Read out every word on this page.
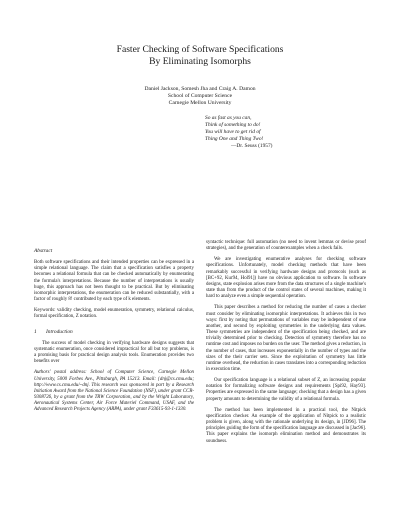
Faster Checking of Software Specifications
By Eliminating Isomorphs
Daniel Jackson, Somesh Jha and Craig A. Damon
School of Computer Science
Carnegie Mellon University
So as fast as you can,
Think of something to do!
You will have to get rid of
Thing One and Thing Two!
—Dr. Seuss (1957)
Abstract

Both software specifications and their intended properties can be expressed in a simple relational language. The claim that a specification satisfies a property becomes a relational formula that can be checked automatically by enumerating the formula's interpretations. Because the number of interpretations is usually huge, this approach has not been thought to be practical. But by eliminating isomorphic interpretations, the enumeration can be reduced substantially, with a factor of roughly 8! contributed by each type of k elements.

Keywords: validity checking, model enumeration, symmetry, relational calculus, formal specification, Z notation.

1 Introduction

The success of model checking in verifying hardware designs suggests that systematic enumeration, once considered impractical for all but toy problems, is a promising basis for practical design analysis tools. Enumeration provides two benefits over

Authors' postal address: School of Computer Science, Carnegie Mellon University, 5000 Forbes Ave., Pittsburgh, PA 15213. Email: {dnj@cs.cmu.edu; http://www.cs.cmu.edu/~dnj. This research was sponsored in part by a Research Initiation Award from the National Science Foundation (NSF), under grant CCR-9308726, by a grant from the TRW Corporation, and by the Wright Laboratory, Aeronautical Systems Center, Air Force Materiel Command, USAF, and the Advanced Research Projects Agency (ARPA), under grant F33615-93-1-1330.

syntactic technique: full automation (no need to invent lemmas or devise proof strategies), and the generation of counterexamples when a check fails.

We are investigating enumerative analyses for checking software specifications. Unfortunately, model checking methods that have been remarkably successful in verifying hardware designs and protocols (such as [BC+92, Kur94, Hol91]) have no obvious application to software. In software designs, state explosion arises more from the data structures of a single machine's state than from the product of the control states of several machines, making it hard to analyze even a simple sequential operation.

This paper describes a method for reducing the number of cases a checker must consider by eliminating isomorphic interpretations. It achieves this in two ways: first by noting that permutations of variables may be independent of one another, and second by exploiting symmetries in the underlying data values. These symmetries are independent of the specification being checked, and are trivially determined prior to checking. Detection of symmetry therefore has no runtime cost and imposes no burden on the user. The method gives a reduction, in the number of cases, that increases exponentially in the number of types and the sizes of the their carrier sets. Since the exploitation of symmetry has little runtime overhead, the reduction in cases translates into a corresponding reduction in execution time.

Our specification language is a relational subset of Z, an increasing popular notation for formalizing software designs and requirements [Spi92, Hay93]. Properties are expressed in the same language; checking that a design has a given property amounts to determining the validity of a relational formula.

The method has been implemented in a practical tool, the Nitpick specification checker. An example of the application of Nitpick to a realistic problem is given, along with the rationale underlying its design, in [JD96]. The principles guiding the form of the specification language are discussed in [Jac96]. This paper explains the isomorph elimination method and demonstrates its soundness.
